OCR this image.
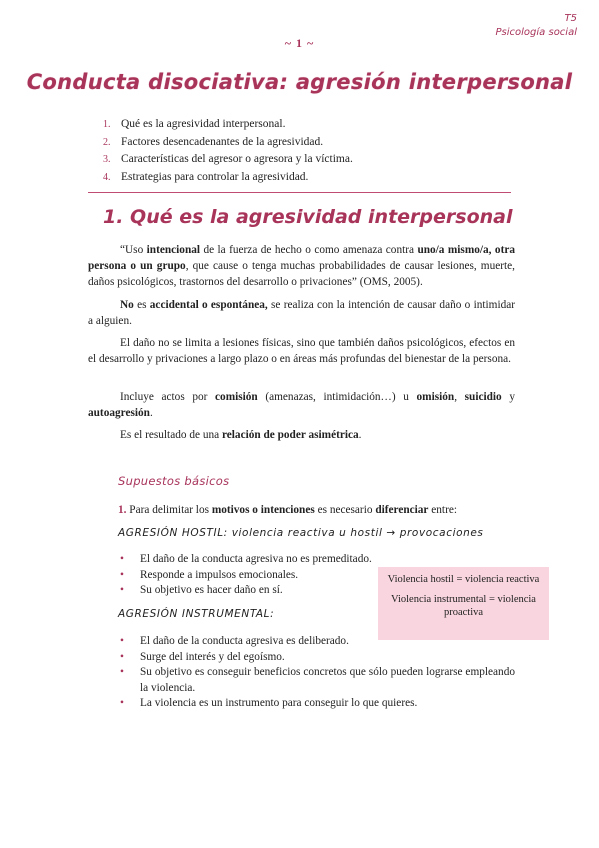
T5
Psicología social
~ 1 ~
Conducta disociativa: agresión interpersonal
1. Qué es la agresividad interpersonal.
2. Factores desencadenantes de la agresividad.
3. Características del agresor o agresora y la víctima.
4. Estrategias para controlar la agresividad.
1. Qué es la agresividad interpersonal

“Uso intencional de la fuerza de hecho o como amenaza contra uno/a mismo/a, otra persona o un grupo, que cause o tenga muchas probabilidades de causar lesiones, muerte, daños psicológicos, trastornos del desarrollo o privaciones” (OMS, 2005).

No es accidental o espontánea, se realiza con la intención de causar daño o intimidar a alguien.

El daño no se limita a lesiones físicas, sino que también daños psicológicos, efectos en el desarrollo y privaciones a largo plazo o en áreas más profundas del bienestar de la persona.

Incluye actos por comisión (amenazas, intimidación…) u omisión, suicidio y autoagresión.

Es el resultado de una relación de poder asimétrica.

Supuestos básicos

1. Para delimitar los motivos o intenciones es necesario diferenciar entre:

AGRESIÓN HOSTIL: violencia reactiva u hostil → provocaciones
• El daño de la conducta agresiva no es premeditado.
• Responde a impulsos emocionales.
• Su objetivo es hacer daño en sí.
Violencia hostil = violencia reactiva
Violencia instrumental = violencia proactiva
AGRESIÓN INSTRUMENTAL:
• El daño de la conducta agresiva es deliberado.
• Surge del interés y del egoísmo.
• Su objetivo es conseguir beneficios concretos que sólo pueden lograrse empleando la violencia.
• La violencia es un instrumento para conseguir lo que quieres.
